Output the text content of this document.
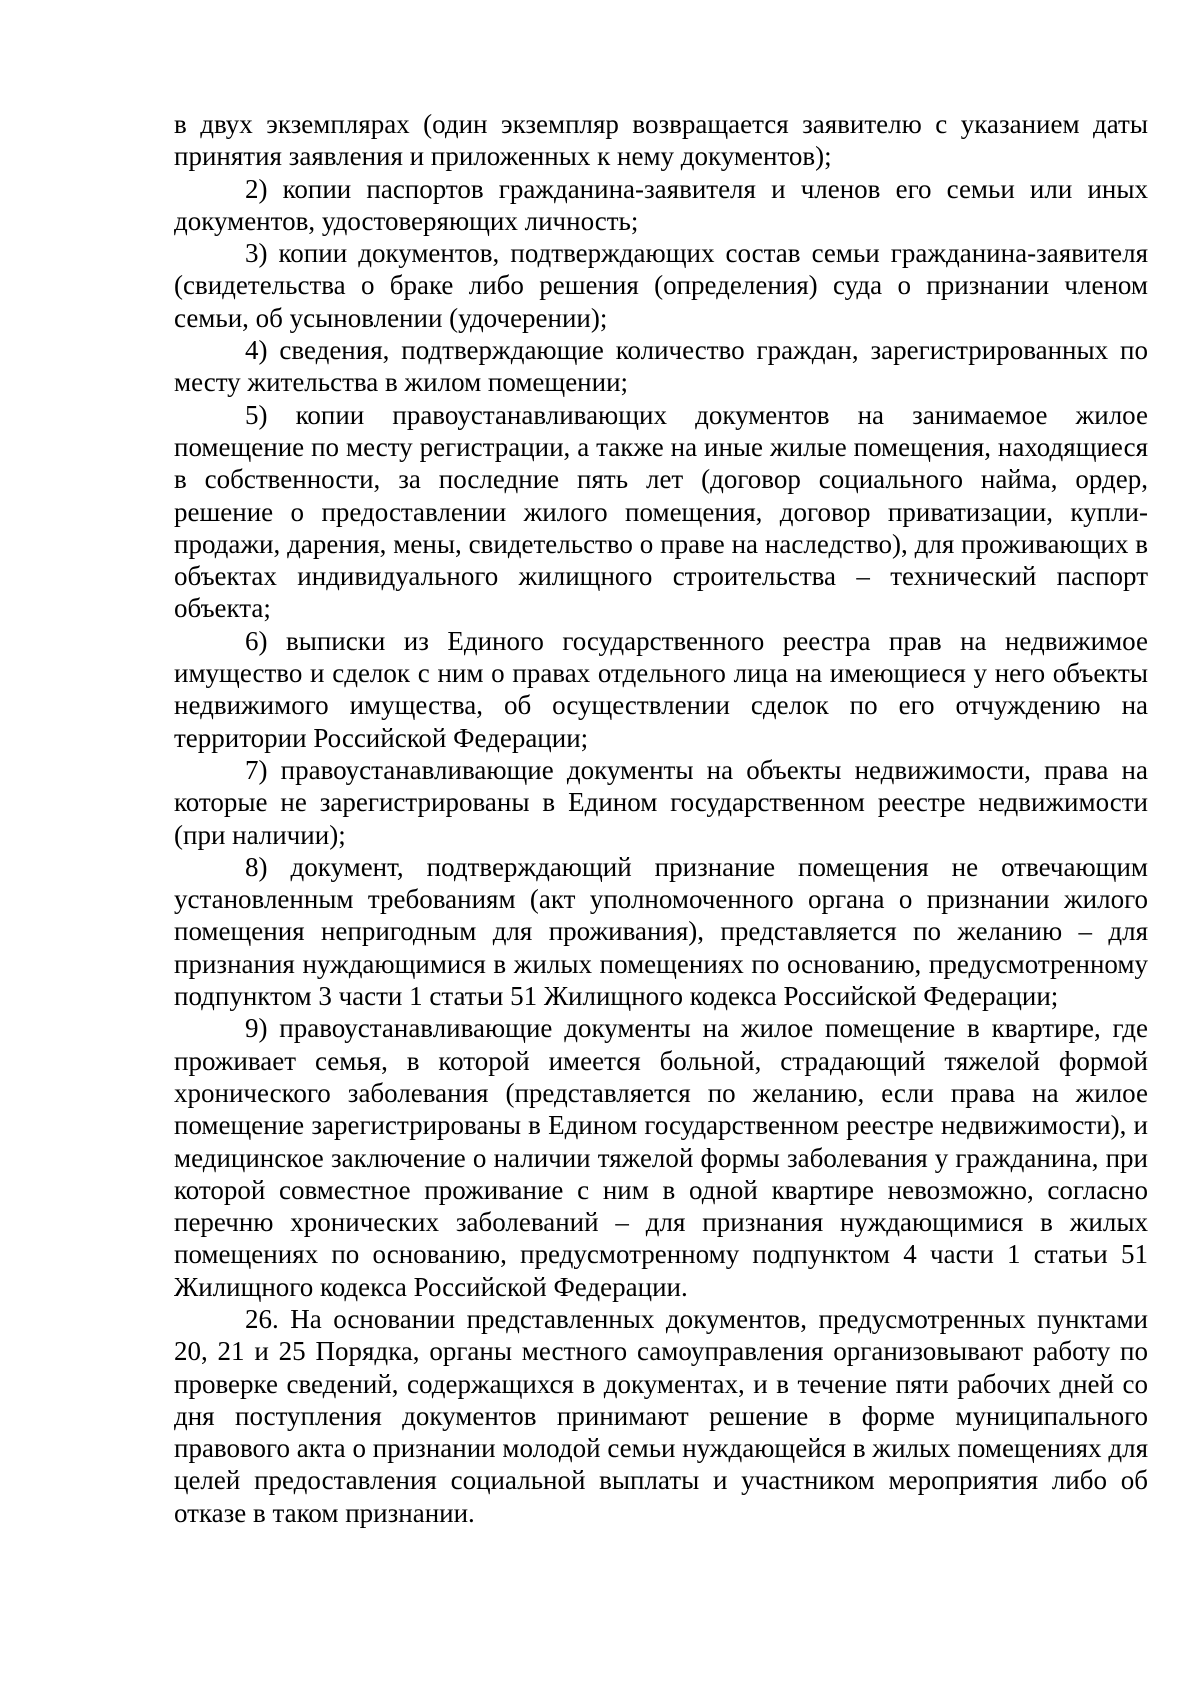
в двух экземплярах (один экземпляр возвращается заявителю с указанием даты принятия заявления и приложенных к нему документов);

2) копии паспортов гражданина-заявителя и членов его семьи или иных документов, удостоверяющих личность;

3) копии документов, подтверждающих состав семьи гражданина-заявителя (свидетельства о браке либо решения (определения) суда о признании членом семьи, об усыновлении (удочерении);

4) сведения, подтверждающие количество граждан, зарегистрированных по месту жительства в жилом помещении;

5) копии правоустанавливающих документов на занимаемое жилое помещение по месту регистрации, а также на иные жилые помещения, находящиеся в собственности, за последние пять лет (договор социального найма, ордер, решение о предоставлении жилого помещения, договор приватизации, купли-продажи, дарения, мены, свидетельство о праве на наследство), для проживающих в объектах индивидуального жилищного строительства – технический паспорт объекта;

6) выписки из Единого государственного реестра прав на недвижимое имущество и сделок с ним о правах отдельного лица на имеющиеся у него объекты недвижимого имущества, об осуществлении сделок по его отчуждению на территории Российской Федерации;

7) правоустанавливающие документы на объекты недвижимости, права на которые не зарегистрированы в Едином государственном реестре недвижимости (при наличии);

8) документ, подтверждающий признание помещения не отвечающим установленным требованиям (акт уполномоченного органа о признании жилого помещения непригодным для проживания), представляется по желанию – для признания нуждающимися в жилых помещениях по основанию, предусмотренному подпунктом 3 части 1 статьи 51 Жилищного кодекса Российской Федерации;

9) правоустанавливающие документы на жилое помещение в квартире, где проживает семья, в которой имеется больной, страдающий тяжелой формой хронического заболевания (представляется по желанию, если права на жилое помещение зарегистрированы в Едином государственном реестре недвижимости), и медицинское заключение о наличии тяжелой формы заболевания у гражданина, при которой совместное проживание с ним в одной квартире невозможно, согласно перечню хронических заболеваний – для признания нуждающимися в жилых помещениях по основанию, предусмотренному подпунктом 4 части 1 статьи 51 Жилищного кодекса Российской Федерации.

26. На основании представленных документов, предусмотренных пунктами 20, 21 и 25 Порядка, органы местного самоуправления организовывают работу по проверке сведений, содержащихся в документах, и в течение пяти рабочих дней со дня поступления документов принимают решение в форме муниципального правового акта о признании молодой семьи нуждающейся в жилых помещениях для целей предоставления социальной выплаты и участником мероприятия либо об отказе в таком признании.
